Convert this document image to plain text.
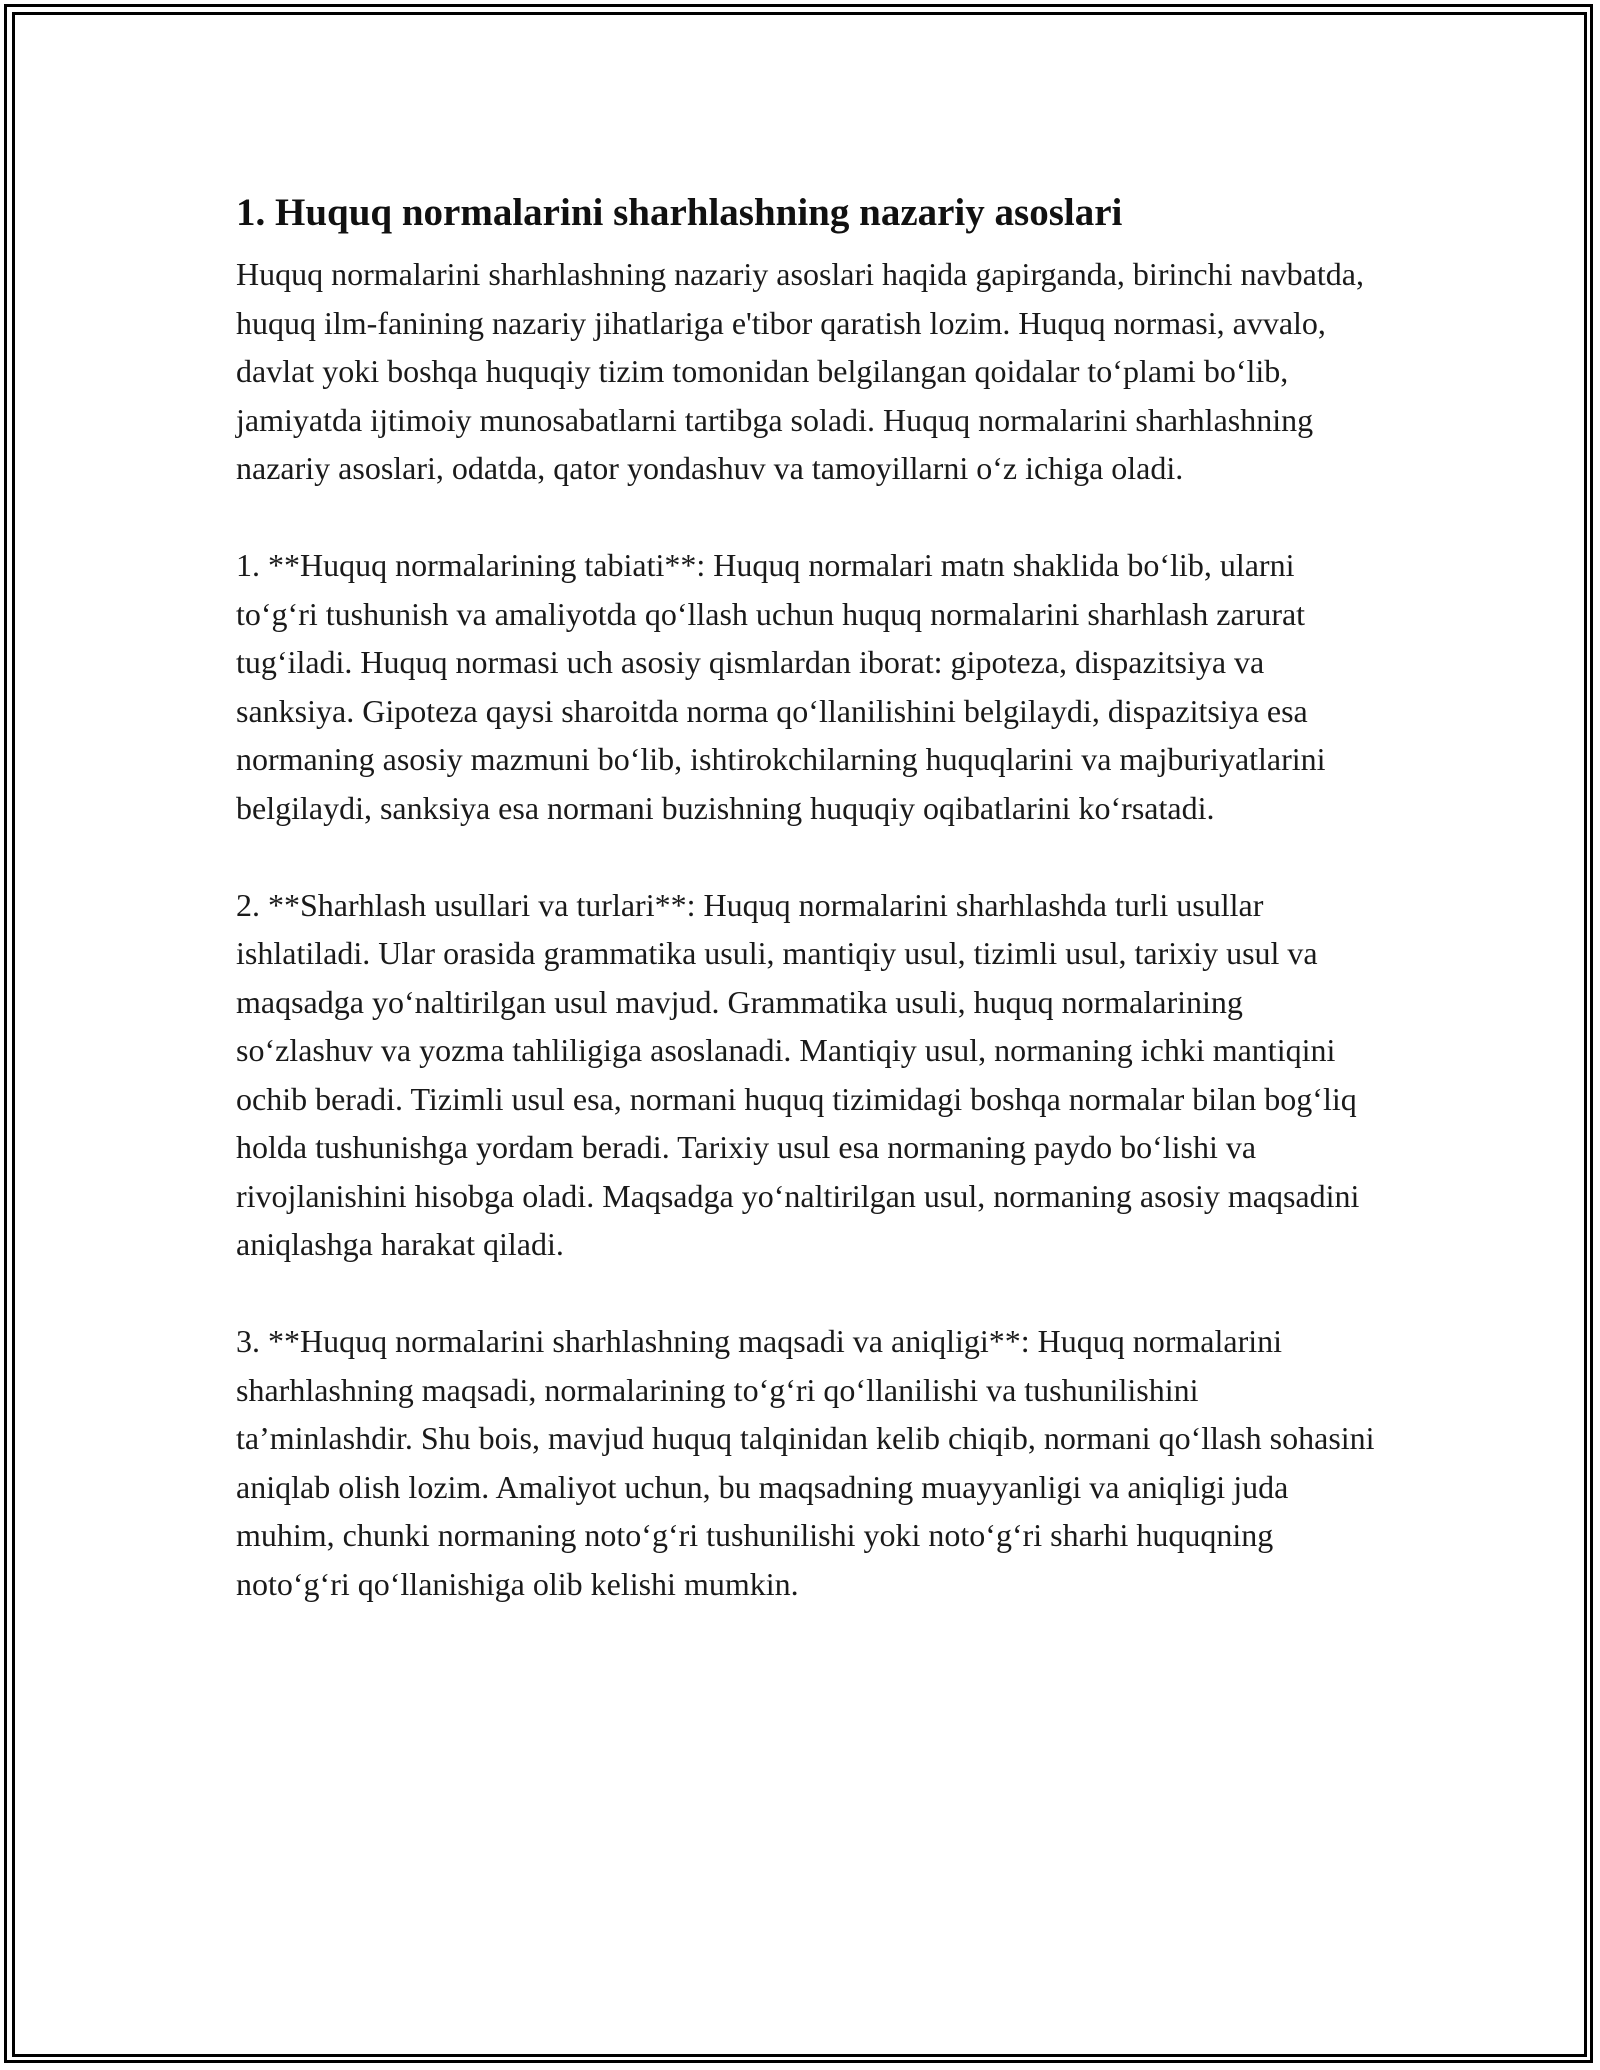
1. Huquq normalarini sharhlashning nazariy asoslari

Huquq normalarini sharhlashning nazariy asoslari haqida gapirganda, birinchi navbatda, huquq ilm-fanining nazariy jihatlariga e'tibor qaratish lozim. Huquq normasi, avvalo, davlat yoki boshqa huquqiy tizim tomonidan belgilangan qoidalar to‘plami bo‘lib, jamiyatda ijtimoiy munosabatlarni tartibga soladi. Huquq normalarini sharhlashning nazariy asoslari, odatda, qator yondashuv va tamoyillarni o‘z ichiga oladi.

1. **Huquq normalarining tabiati**: Huquq normalari matn shaklida bo‘lib, ularni to‘g‘ri tushunish va amaliyotda qo‘llash uchun huquq normalarini sharhlash zarurat tug‘iladi. Huquq normasi uch asosiy qismlardan iborat: gipoteza, dispazitsiya va sanksiya. Gipoteza qaysi sharoitda norma qo‘llanilishini belgilaydi, dispazitsiya esa normaning asosiy mazmuni bo‘lib, ishtirokchilarning huquqlarini va majburiyatlarini belgilaydi, sanksiya esa normani buzishning huquqiy oqibatlarini ko‘rsatadi.

2. **Sharhlash usullari va turlari**: Huquq normalarini sharhlashda turli usullar ishlatiladi. Ular orasida grammatika usuli, mantiqiy usul, tizimli usul, tarixiy usul va maqsadga yo‘naltirilgan usul mavjud. Grammatika usuli, huquq normalarining so‘zlashuv va yozma tahliligiga asoslanadi. Mantiqiy usul, normaning ichki mantiqini ochib beradi. Tizimli usul esa, normani huquq tizimidagi boshqa normalar bilan bog‘liq holda tushunishga yordam beradi. Tarixiy usul esa normaning paydo bo‘lishi va rivojlanishini hisobga oladi. Maqsadga yo‘naltirilgan usul, normaning asosiy maqsadini aniqlashga harakat qiladi.

3. **Huquq normalarini sharhlashning maqsadi va aniqligi**: Huquq normalarini sharhlashning maqsadi, normalarining to‘g‘ri qo‘llanilishi va tushunilishini ta’minlashdir. Shu bois, mavjud huquq talqinidan kelib chiqib, normani qo‘llash sohasini aniqlab olish lozim. Amaliyot uchun, bu maqsadning muayyanligi va aniqligi juda muhim, chunki normaning noto‘g‘ri tushunilishi yoki noto‘g‘ri sharhi huquqning noto‘g‘ri qo‘llanishiga olib kelishi mumkin.
